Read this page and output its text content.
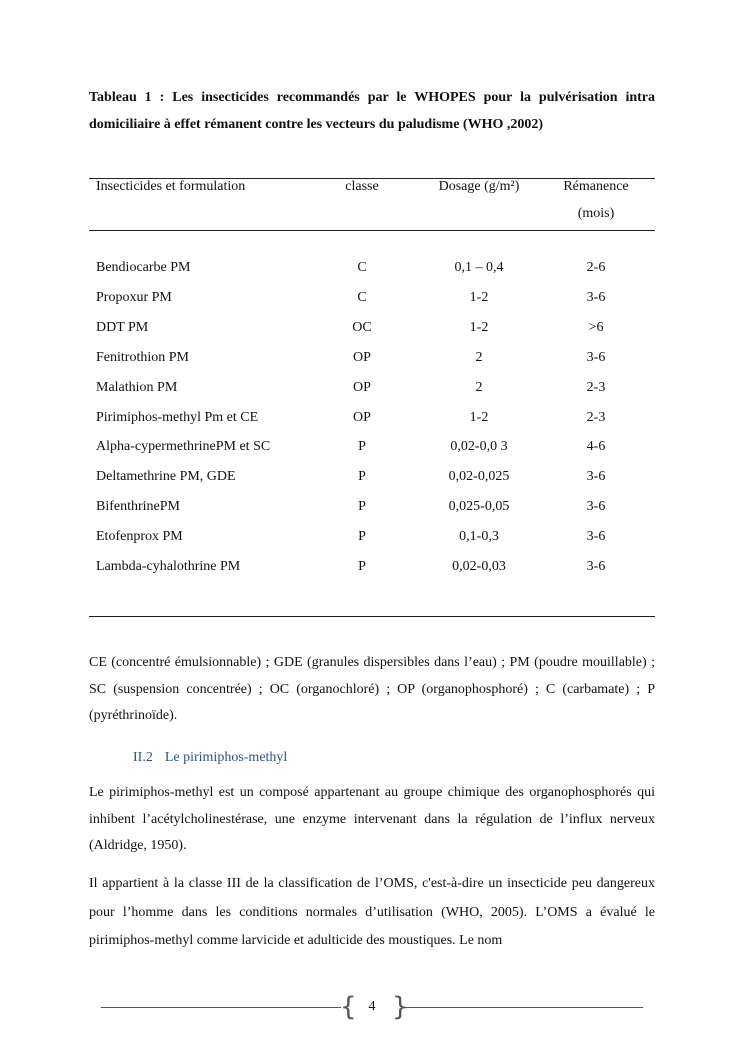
Tableau 1 : Les insecticides recommandés par le WHOPES pour la pulvérisation intra domiciliaire à effet rémanent contre les vecteurs du paludisme (WHO ,2002)
Insecticides et formulation	classe	Dosage (g/m²)	Rémanence (mois)
Bendiocarbe PM	C	0,1 – 0,4	2-6
Propoxur PM	C	1-2	3-6
DDT PM	OC	1-2	>6
Fenitrothion PM	OP	2	3-6
Malathion PM	OP	2	2-3
Pirimiphos-methyl Pm et CE	OP	1-2	2-3
Alpha-cypermethrinePM et SC	P	0,02-0,0 3	4-6
Deltamethrine PM, GDE	P	0,02-0,025	3-6
BifenthrinePM	P	0,025-0,05	3-6
Etofenprox PM	P	0,1-0,3	3-6
Lambda-cyhalothrine PM	P	0,02-0,03	3-6
CE (concentré émulsionnable) ; GDE (granules dispersibles dans l’eau) ; PM (poudre mouillable) ; SC (suspension concentrée) ; OC (organochloré) ; OP (organophosphoré) ; C (carbamate) ; P (pyréthrinoïde).
II.2 Le pirimiphos-methyl
Le pirimiphos-methyl est un composé appartenant au groupe chimique des organophosphorés qui inhibent l’acétylcholinestérase, une enzyme intervenant dans la régulation de l’influx nerveux (Aldridge, 1950).
Il appartient à la classe III de la classification de l’OMS, c'est-à-dire un insecticide peu dangereux pour l’homme dans les conditions normales d’utilisation (WHO, 2005). L’OMS a évalué le pirimiphos-methyl comme larvicide et adulticide des moustiques. Le nom
{ 4 }
